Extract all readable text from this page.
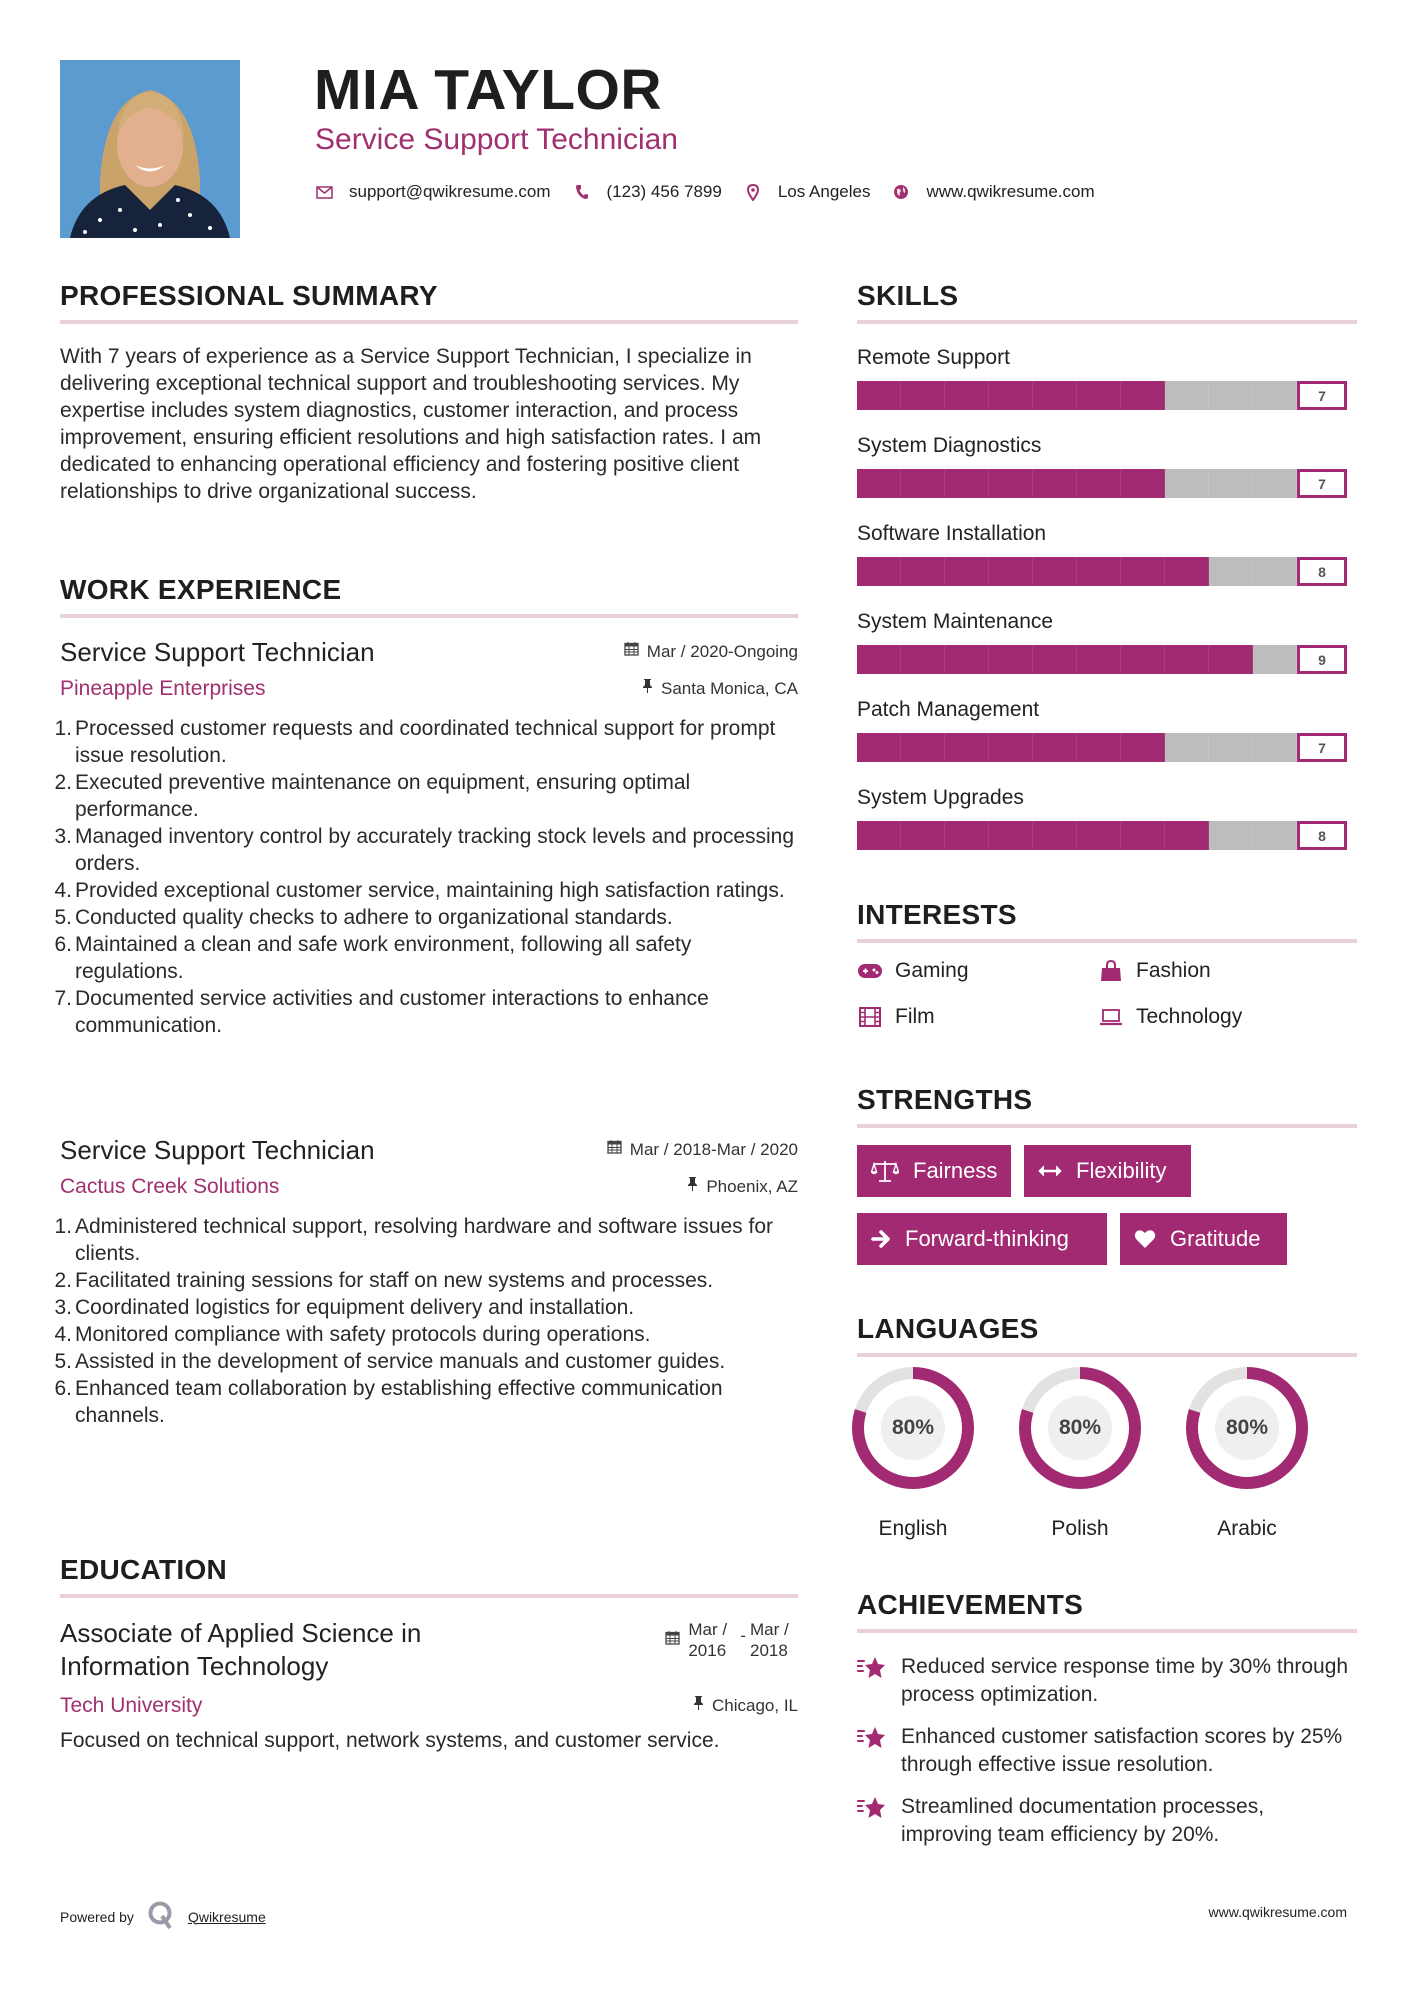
MIA TAYLOR
Service Support Technician
support@qwikresume.com	(123) 456 7899	Los Angeles	www.qwikresume.com
PROFESSIONAL SUMMARY
With 7 years of experience as a Service Support Technician, I specialize in delivering exceptional technical support and troubleshooting services. My expertise includes system diagnostics, customer interaction, and process improvement, ensuring efficient resolutions and high satisfaction rates. I am dedicated to enhancing operational efficiency and fostering positive client relationships to drive organizational success.
WORK EXPERIENCE
Service Support Technician	Mar / 2020-Ongoing
Pineapple Enterprises	Santa Monica, CA
1. Processed customer requests and coordinated technical support for prompt issue resolution.
2. Executed preventive maintenance on equipment, ensuring optimal performance.
3. Managed inventory control by accurately tracking stock levels and processing orders.
4. Provided exceptional customer service, maintaining high satisfaction ratings.
5. Conducted quality checks to adhere to organizational standards.
6. Maintained a clean and safe work environment, following all safety regulations.
7. Documented service activities and customer interactions to enhance communication.
Service Support Technician	Mar / 2018-Mar / 2020
Cactus Creek Solutions	Phoenix, AZ
1. Administered technical support, resolving hardware and software issues for clients.
2. Facilitated training sessions for staff on new systems and processes.
3. Coordinated logistics for equipment delivery and installation.
4. Monitored compliance with safety protocols during operations.
5. Assisted in the development of service manuals and customer guides.
6. Enhanced team collaboration by establishing effective communication channels.
EDUCATION
Associate of Applied Science in Information Technology
Mar / 2016
- Mar / 2018
Tech University	Chicago, IL
Focused on technical support, network systems, and customer service.
SKILLS
Remote Support
7
System Diagnostics
7
Software Installation
8
System Maintenance
9
Patch Management
7
System Upgrades
8
INTERESTS
Gaming	Fashion
Film	Technology
STRENGTHS
Fairness	Flexibility
Forward-thinking	Gratitude
LANGUAGES
80%
English
80%
Polish
80%
Arabic
ACHIEVEMENTS
Reduced service response time by 30% through process optimization.
Enhanced customer satisfaction scores by 25% through effective issue resolution.
Streamlined documentation processes, improving team efficiency by 20%.
Powered by	Qwikresume	www.qwikresume.com
